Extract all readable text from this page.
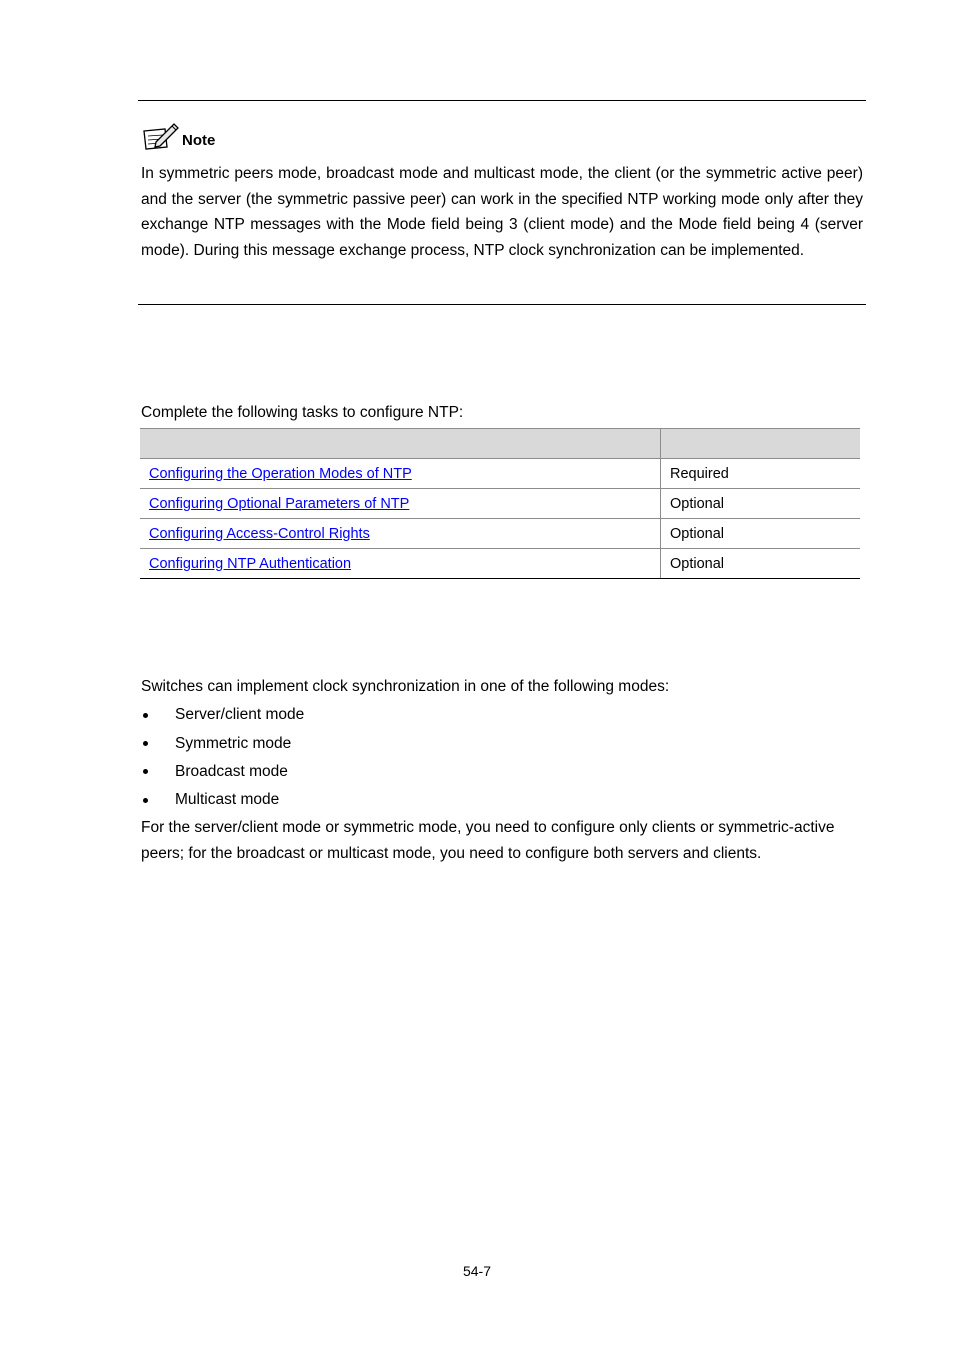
Note

In symmetric peers mode, broadcast mode and multicast mode, the client (or the symmetric active peer) and the server (the symmetric passive peer) can work in the specified NTP working mode only after they exchange NTP messages with the Mode field being 3 (client mode) and the Mode field being 4 (server mode). During this message exchange process, NTP clock synchronization can be implemented.

Complete the following tasks to configure NTP:

Configuring the Operation Modes of NTP	Required
Configuring Optional Parameters of NTP	Optional
Configuring Access-Control Rights	Optional
Configuring NTP Authentication	Optional

Switches can implement clock synchronization in one of the following modes:

Server/client mode
Symmetric mode
Broadcast mode
Multicast mode

For the server/client mode or symmetric mode, you need to configure only clients or symmetric-active peers; for the broadcast or multicast mode, you need to configure both servers and clients.

54-7
